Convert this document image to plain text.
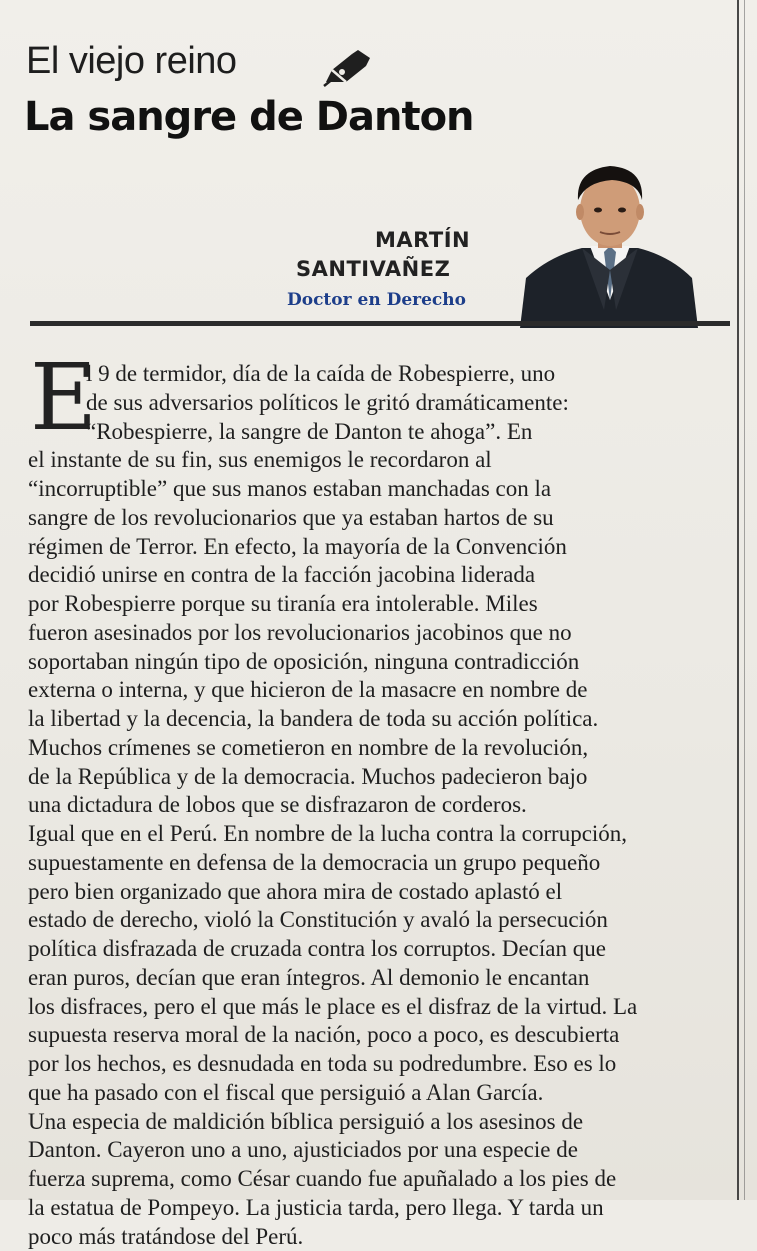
El viejo reino
La sangre de Danton
MARTÍN
SANTIVAÑEZ
Doctor en Derecho
E
l 9 de termidor, día de la caída de Robespierre, uno
de sus adversarios políticos le gritó dramáticamente:
“Robespierre, la sangre de Danton te ahoga”. En
el instante de su fin, sus enemigos le recordaron al
“incorruptible” que sus manos estaban manchadas con la
sangre de los revolucionarios que ya estaban hartos de su
régimen de Terror. En efecto, la mayoría de la Convención
decidió unirse en contra de la facción jacobina liderada
por Robespierre porque su tiranía era intolerable. Miles
fueron asesinados por los revolucionarios jacobinos que no
soportaban ningún tipo de oposición, ninguna contradicción
externa o interna, y que hicieron de la masacre en nombre de
la libertad y la decencia, la bandera de toda su acción política.
Muchos crímenes se cometieron en nombre de la revolución,
de la República y de la democracia. Muchos padecieron bajo
una dictadura de lobos que se disfrazaron de corderos.
Igual que en el Perú. En nombre de la lucha contra la corrupción,
supuestamente en defensa de la democracia un grupo pequeño
pero bien organizado que ahora mira de costado aplastó el
estado de derecho, violó la Constitución y avaló la persecución
política disfrazada de cruzada contra los corruptos. Decían que
eran puros, decían que eran íntegros. Al demonio le encantan
los disfraces, pero el que más le place es el disfraz de la virtud. La
supuesta reserva moral de la nación, poco a poco, es descubierta
por los hechos, es desnudada en toda su podredumbre. Eso es lo
que ha pasado con el fiscal que persiguió a Alan García.
Una especia de maldición bíblica persiguió a los asesinos de
Danton. Cayeron uno a uno, ajusticiados por una especie de
fuerza suprema, como César cuando fue apuñalado a los pies de
la estatua de Pompeyo. La justicia tarda, pero llega. Y tarda un
poco más tratándose del Perú.
